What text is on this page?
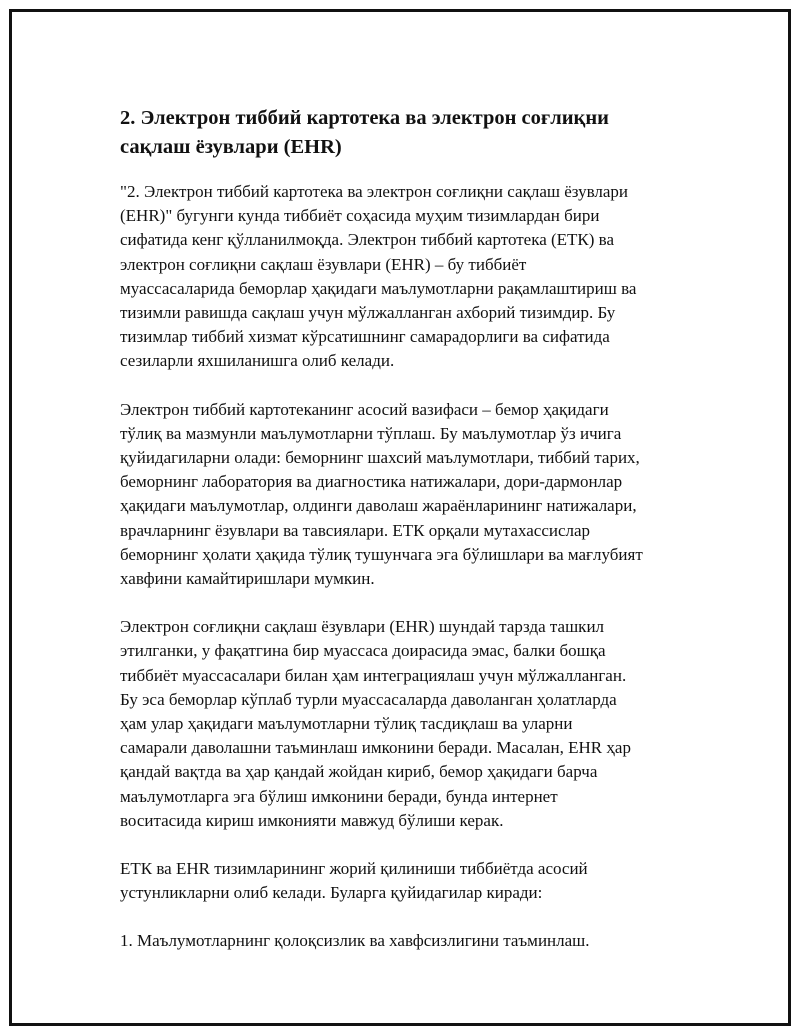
2. Электрон тиббий картотека ва электрон соғлиқни
сақлаш ёзувлари (EHR)

"2. Электрон тиббий картотека ва электрон соғлиқни сақлаш ёзувлари
(EHR)" бугунги кунда тиббиёт соҳасида муҳим тизимлардан бири
сифатида кенг қўлланилмоқда. Электрон тиббий картотека (ЕТК) ва
электрон соғлиқни сақлаш ёзувлари (EHR) – бу тиббиёт
муассасаларида беморлар ҳақидаги маълумотларни рақамлаштириш ва
тизимли равишда сақлаш учун мўлжалланган ахборий тизимдир. Бу
тизимлар тиббий хизмат кўрсатишнинг самарадорлиги ва сифатида
сезиларли яхшиланишга олиб келади.

Электрон тиббий картотеканинг асосий вазифаси – бемор ҳақидаги
тўлиқ ва мазмунли маълумотларни тўплаш. Бу маълумотлар ўз ичига
қуйидагиларни олади: беморнинг шахсий маълумотлари, тиббий тарих,
беморнинг лаборатория ва диагностика натижалари, дори-дармонлар
ҳақидаги маълумотлар, олдинги даволаш жараёнларининг натижалари,
врачларнинг ёзувлари ва тавсиялари. ЕТК орқали мутахассислар
беморнинг ҳолати ҳақида тўлиқ тушунчага эга бўлишлари ва мағлубият
хавфини камайтиришлари мумкин.

Электрон соғлиқни сақлаш ёзувлари (EHR) шундай тарзда ташкил
этилганки, у фақатгина бир муассаса доирасида эмас, балки бошқа
тиббиёт муассасалари билан ҳам интеграциялаш учун мўлжалланган.
Бу эса беморлар кўплаб турли муассасаларда даволанган ҳолатларда
ҳам улар ҳақидаги маълумотларни тўлиқ тасдиқлаш ва уларни
самарали даволашни таъминлаш имконини беради. Масалан, EHR ҳар
қандай вақтда ва ҳар қандай жойдан кириб, бемор ҳақидаги барча
маълумотларга эга бўлиш имконини беради, бунда интернет
воситасида кириш имконияти мавжуд бўлиши керак.

ЕТК ва EHR тизимларининг жорий қилиниши тиббиётда асосий
устунликларни олиб келади. Буларга қуйидагилар киради:

1. Маълумотларнинг қолоқсизлик ва хавфсизлигини таъминлаш.
